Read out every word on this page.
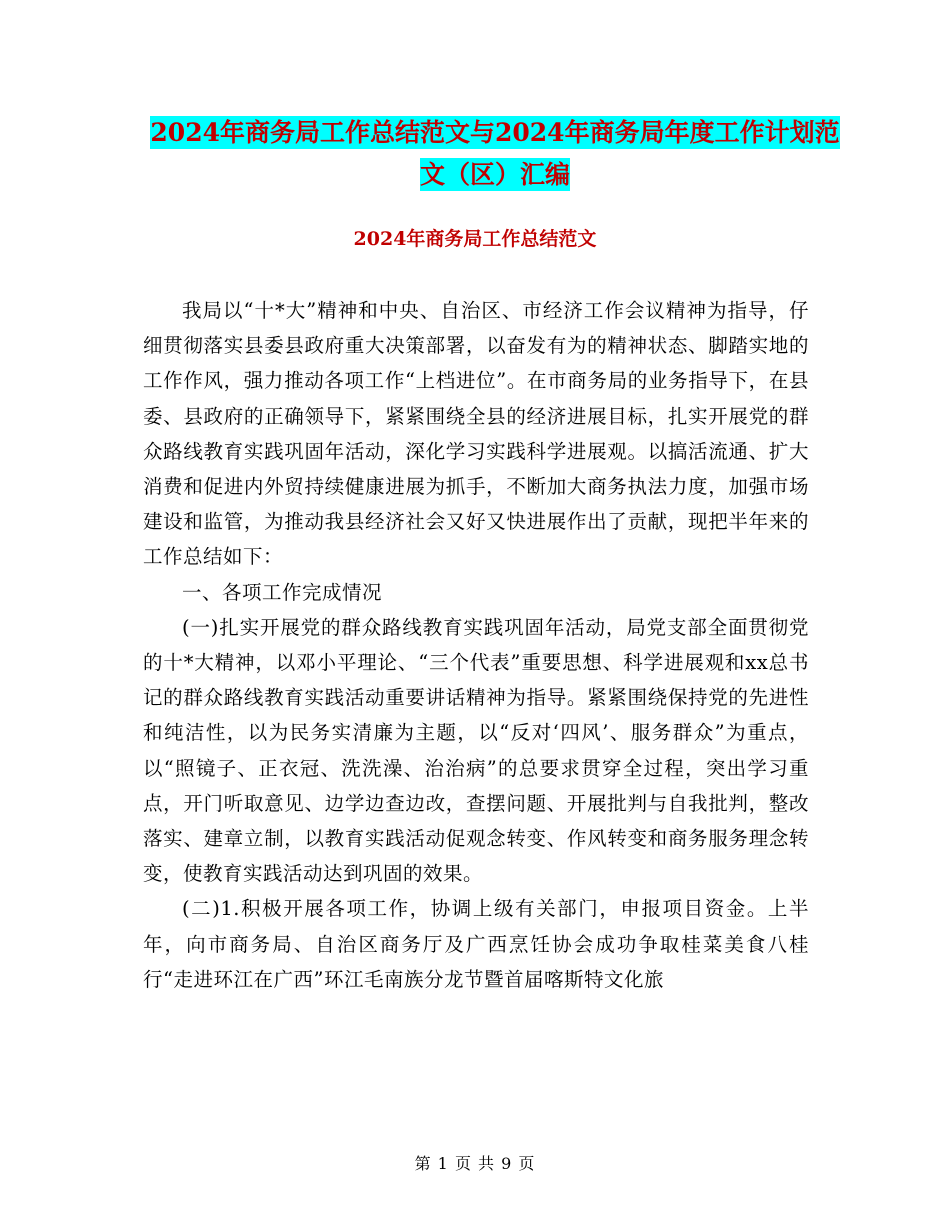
2024年商务局工作总结范文与2024年商务局年度工作计划范文（区）汇编
2024年商务局工作总结范文

我局以“十*大”精神和中央、自治区、市经济工作会议精神为指导，仔细贯彻落实县委县政府重大决策部署，以奋发有为的精神状态、脚踏实地的工作作风，强力推动各项工作“上档进位”。在市商务局的业务指导下，在县委、县政府的正确领导下，紧紧围绕全县的经济进展目标，扎实开展党的群众路线教育实践巩固年活动，深化学习实践科学进展观。以搞活流通、扩大消费和促进内外贸持续健康进展为抓手，不断加大商务执法力度，加强市场建设和监管，为推动我县经济社会又好又快进展作出了贡献，现把半年来的工作总结如下：

一、各项工作完成情况

(一)扎实开展党的群众路线教育实践巩固年活动，局党支部全面贯彻党的十*大精神，以邓小平理论、“三个代表”重要思想、科学进展观和xx总书记的群众路线教育实践活动重要讲话精神为指导。紧紧围绕保持党的先进性和纯洁性，以为民务实清廉为主题，以“反对‘四风’、服务群众”为重点，以“照镜子、正衣冠、洗洗澡、治治病”的总要求贯穿全过程，突出学习重点，开门听取意见、边学边查边改，查摆问题、开展批判与自我批判，整改落实、建章立制，以教育实践活动促观念转变、作风转变和商务服务理念转变，使教育实践活动达到巩固的效果。

(二)1.积极开展各项工作，协调上级有关部门，申报项目资金。上半年，向市商务局、自治区商务厅及广西烹饪协会成功争取桂菜美食八桂行“走进环江在广西”环江毛南族分龙节暨首届喀斯特文化旅

第 1 页 共 9 页
